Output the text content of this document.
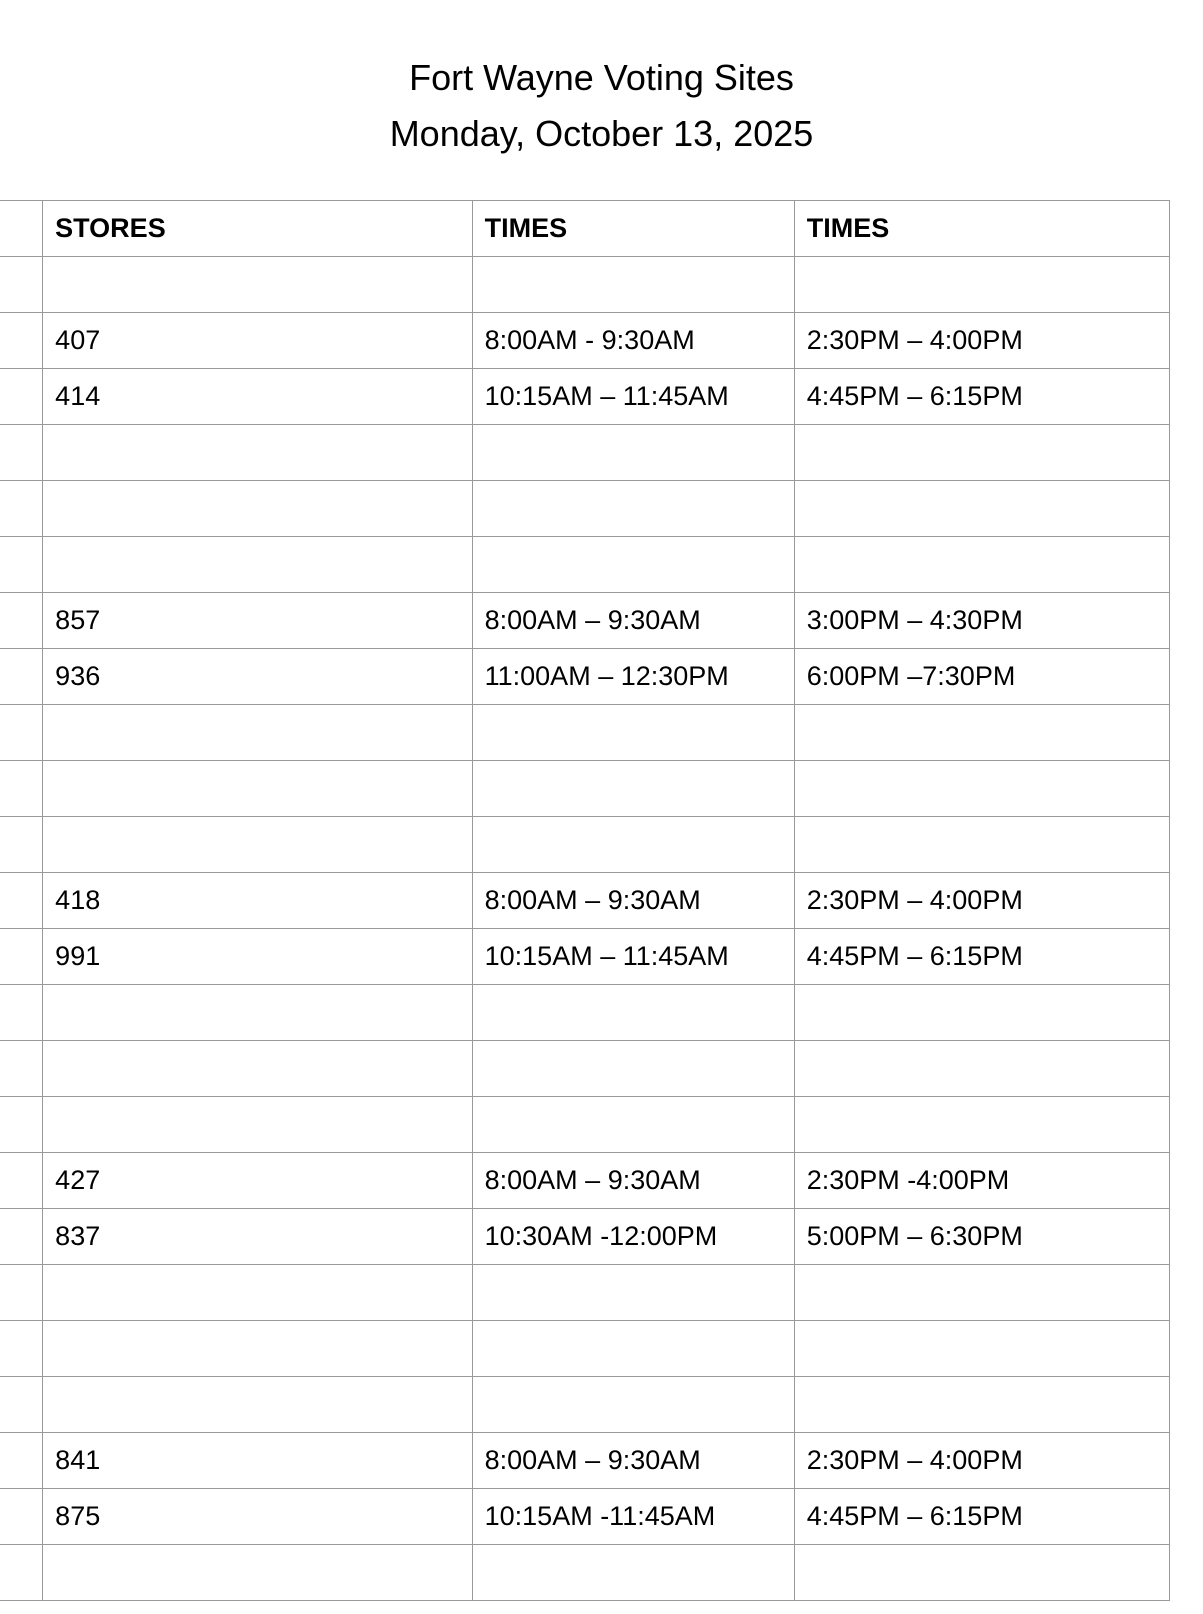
Fort Wayne Voting Sites
Monday, October 13, 2025
	STORES	TIMES	TIMES

	407	8:00AM - 9:30AM	2:30PM – 4:00PM
	414	10:15AM – 11:45AM	4:45PM – 6:15PM

	857	8:00AM – 9:30AM	3:00PM – 4:30PM
	936	11:00AM – 12:30PM	6:00PM –7:30PM

	418	8:00AM – 9:30AM	2:30PM – 4:00PM
	991	10:15AM – 11:45AM	4:45PM – 6:15PM

	427	8:00AM – 9:30AM	2:30PM -4:00PM
	837	10:30AM -12:00PM	5:00PM – 6:30PM

	841	8:00AM – 9:30AM	2:30PM – 4:00PM
	875	10:15AM -11:45AM	4:45PM – 6:15PM
